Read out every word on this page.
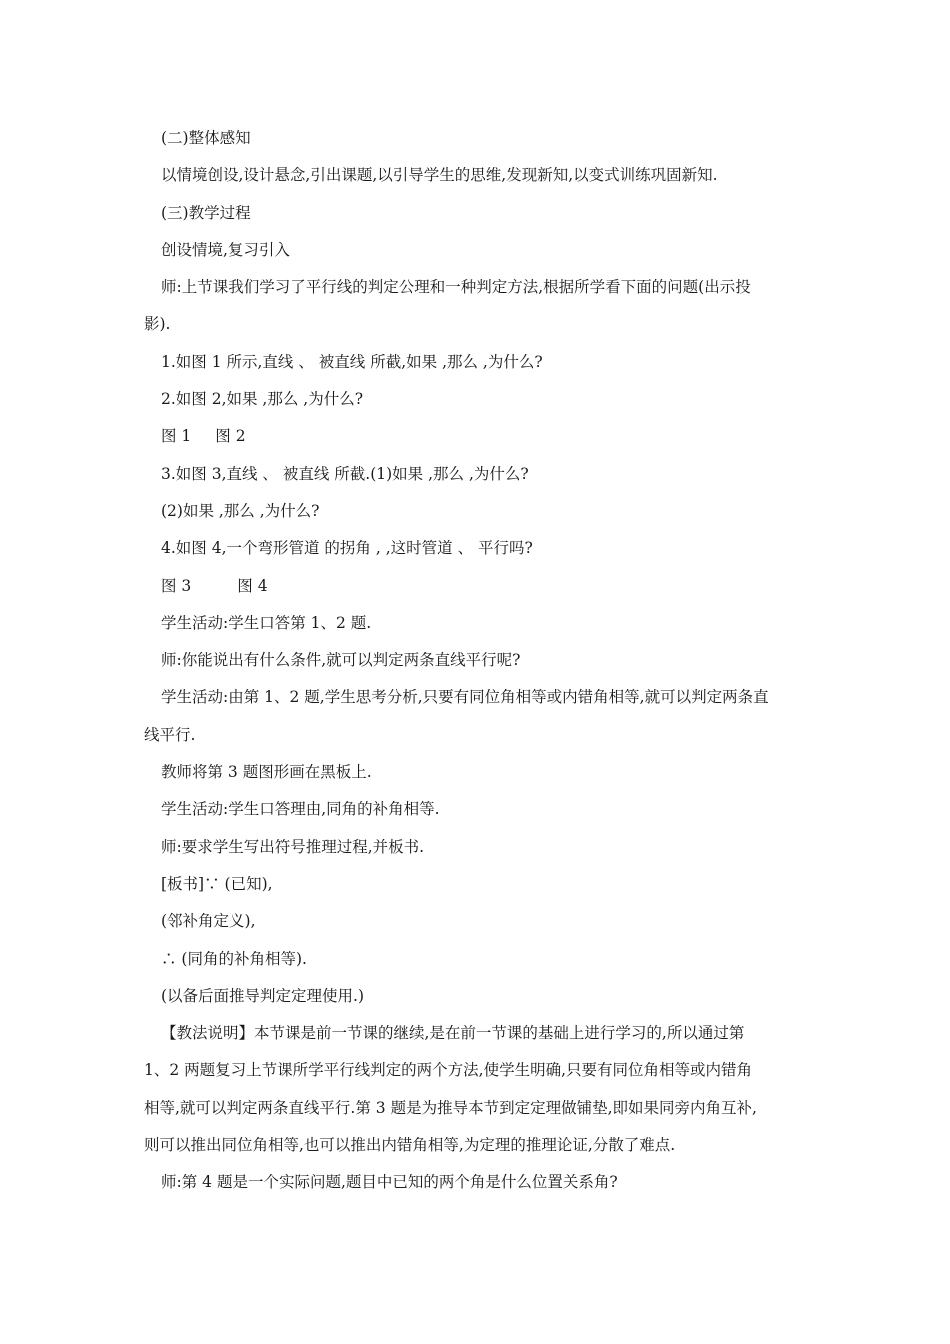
(二)整体感知
以情境创设,设计悬念,引出课题,以引导学生的思维,发现新知,以变式训练巩固新知.
(三)教学过程
创设情境,复习引入
师:上节课我们学习了平行线的判定公理和一种判定方法,根据所学看下面的问题(出示投
影).
1.如图 1 所示,直线 、 被直线 所截,如果 ,那么 ,为什么?
2.如图 2,如果 ,那么 ,为什么?
图 1 图 2
3.如图 3,直线 、 被直线 所截.(1)如果 ,那么 ,为什么?
(2)如果 ,那么 ,为什么?
4.如图 4,一个弯形管道 的拐角 , ,这时管道 、 平行吗?
图 3	图 4
学生活动:学生口答第 1、2 题.
师:你能说出有什么条件,就可以判定两条直线平行呢?
学生活动:由第 1、2 题,学生思考分析,只要有同位角相等或内错角相等,就可以判定两条直
线平行.
教师将第 3 题图形画在黑板上.
学生活动:学生口答理由,同角的补角相等.
师:要求学生写出符号推理过程,并板书.
[板书]∵ (已知),
(邻补角定义),
∴ (同角的补角相等).
(以备后面推导判定定理使用.)
【教法说明】本节课是前一节课的继续,是在前一节课的基础上进行学习的,所以通过第
1、2 两题复习上节课所学平行线判定的两个方法,使学生明确,只要有同位角相等或内错角
相等,就可以判定两条直线平行.第 3 题是为推导本节到定定理做铺垫,即如果同旁内角互补,
则可以推出同位角相等,也可以推出内错角相等,为定理的推理论证,分散了难点.
师:第 4 题是一个实际问题,题目中已知的两个角是什么位置关系角?
